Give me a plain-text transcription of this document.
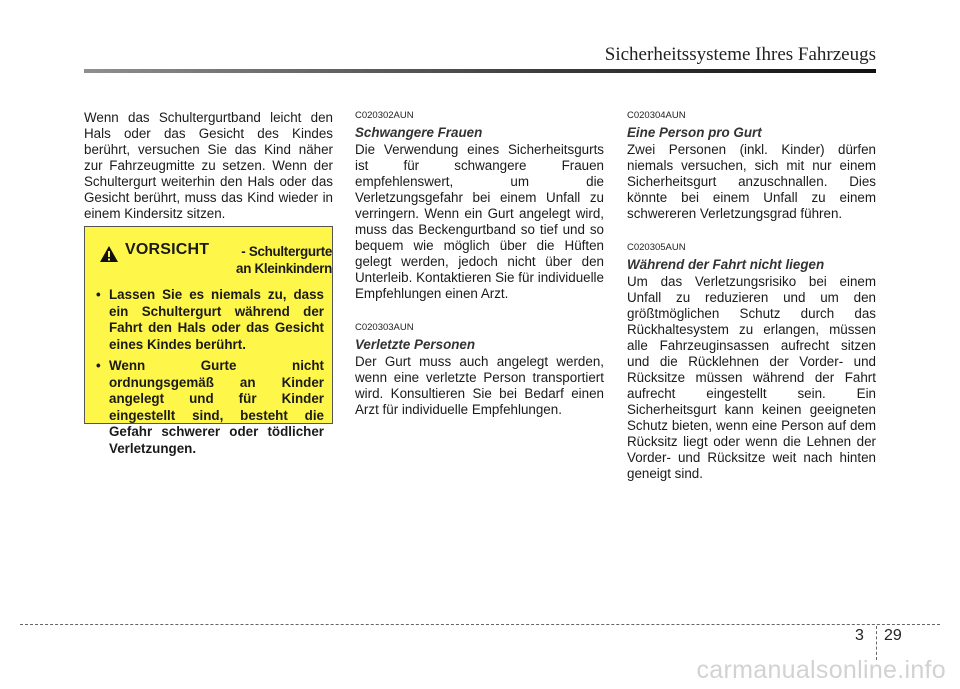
Sicherheitssysteme Ihres Fahrzeugs

Wenn das Schultergurtband leicht den Hals oder das Gesicht des Kindes berührt, versuchen Sie das Kind näher zur Fahrzeugmitte zu setzen. Wenn der Schultergurt weiterhin den Hals oder das Gesicht berührt, muss das Kind wieder in einem Kindersitz sitzen.

VORSICHT	- Schultergurte
an Kleinkindern
• Lassen Sie es niemals zu, dass ein Schultergurt während der Fahrt den Hals oder das Gesicht eines Kindes berührt.
• Wenn Gurte nicht ordnungsgemäß an Kinder angelegt und für Kinder eingestellt sind, besteht die Gefahr schwerer oder tödlicher Verletzungen.
C020302AUN
Schwangere Frauen

Die Verwendung eines Sicherheitsgurts ist für schwangere Frauen empfehlenswert, um die Verletzungsgefahr bei einem Unfall zu verringern. Wenn ein Gurt angelegt wird, muss das Beckengurtband so tief und so bequem wie möglich über die Hüften gelegt werden, jedoch nicht über den Unterleib. Kontaktieren Sie für individuelle Empfehlungen einen Arzt.

C020303AUN
Verletzte Personen

Der Gurt muss auch angelegt werden, wenn eine verletzte Person transportiert wird. Konsultieren Sie bei Bedarf einen Arzt für individuelle Empfehlungen.

C020304AUN
Eine Person pro Gurt

Zwei Personen (inkl. Kinder) dürfen niemals versuchen, sich mit nur einem Sicherheitsgurt anzuschnallen. Dies könnte bei einem Unfall zu einem schwereren Verletzungsgrad führen.

C020305AUN
Während der Fahrt nicht liegen

Um das Verletzungsrisiko bei einem Unfall zu reduzieren und um den größtmöglichen Schutz durch das Rückhaltesystem zu erlangen, müssen alle Fahrzeuginsassen aufrecht sitzen und die Rücklehnen der Vorder- und Rücksitze müssen während der Fahrt aufrecht eingestellt sein. Ein Sicherheitsgurt kann keinen geeigneten Schutz bieten, wenn eine Person auf dem Rücksitz liegt oder wenn die Lehnen der Vorder- und Rücksitze weit nach hinten geneigt sind.

3 29
carmanualsonline.info
